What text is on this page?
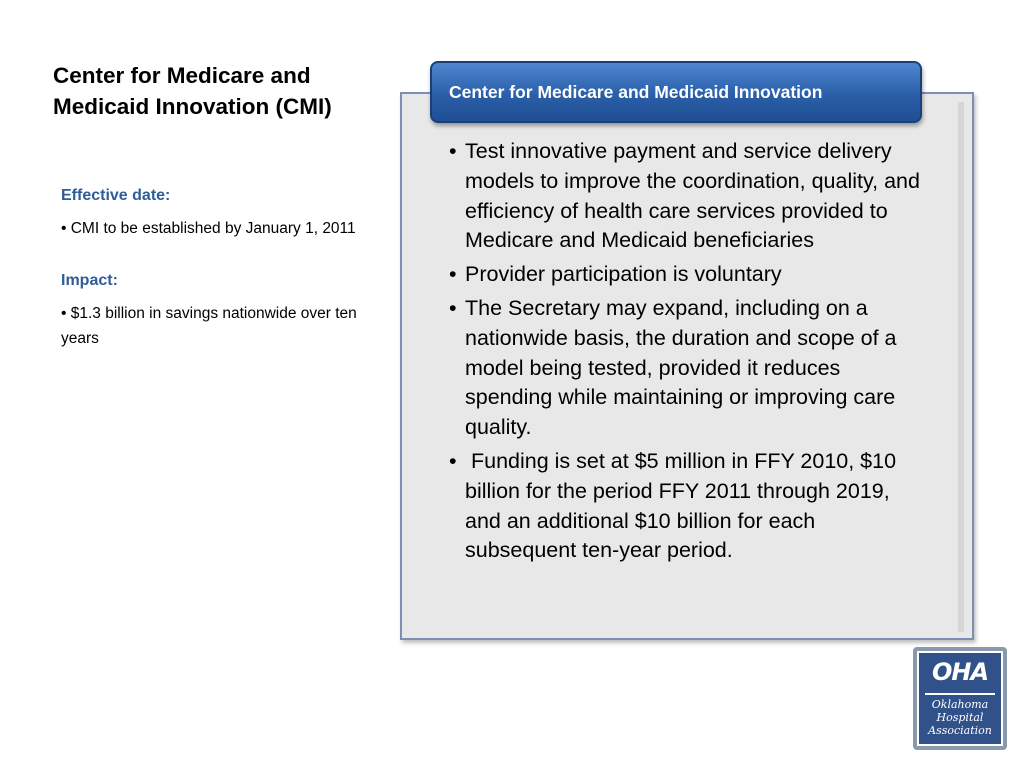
Center for Medicare and Medicaid Innovation (CMI)

Effective date:

• CMI to be established by January 1, 2011

Impact:

• $1.3 billion in savings nationwide over ten years

Center for Medicare and Medicaid Innovation
• Test innovative payment and service delivery models to improve the coordination, quality, and efficiency of health care services provided to Medicare and Medicaid beneficiaries
• Provider participation is voluntary
• The Secretary may expand, including on a nationwide basis, the duration and scope of a model being tested, provided it reduces spending while maintaining or improving care quality.
• Funding is set at $5 million in FFY 2010, $10 billion for the period FFY 2011 through 2019, and an additional $10 billion for each subsequent ten-year period.
OHA
Oklahoma
Hospital
Association
